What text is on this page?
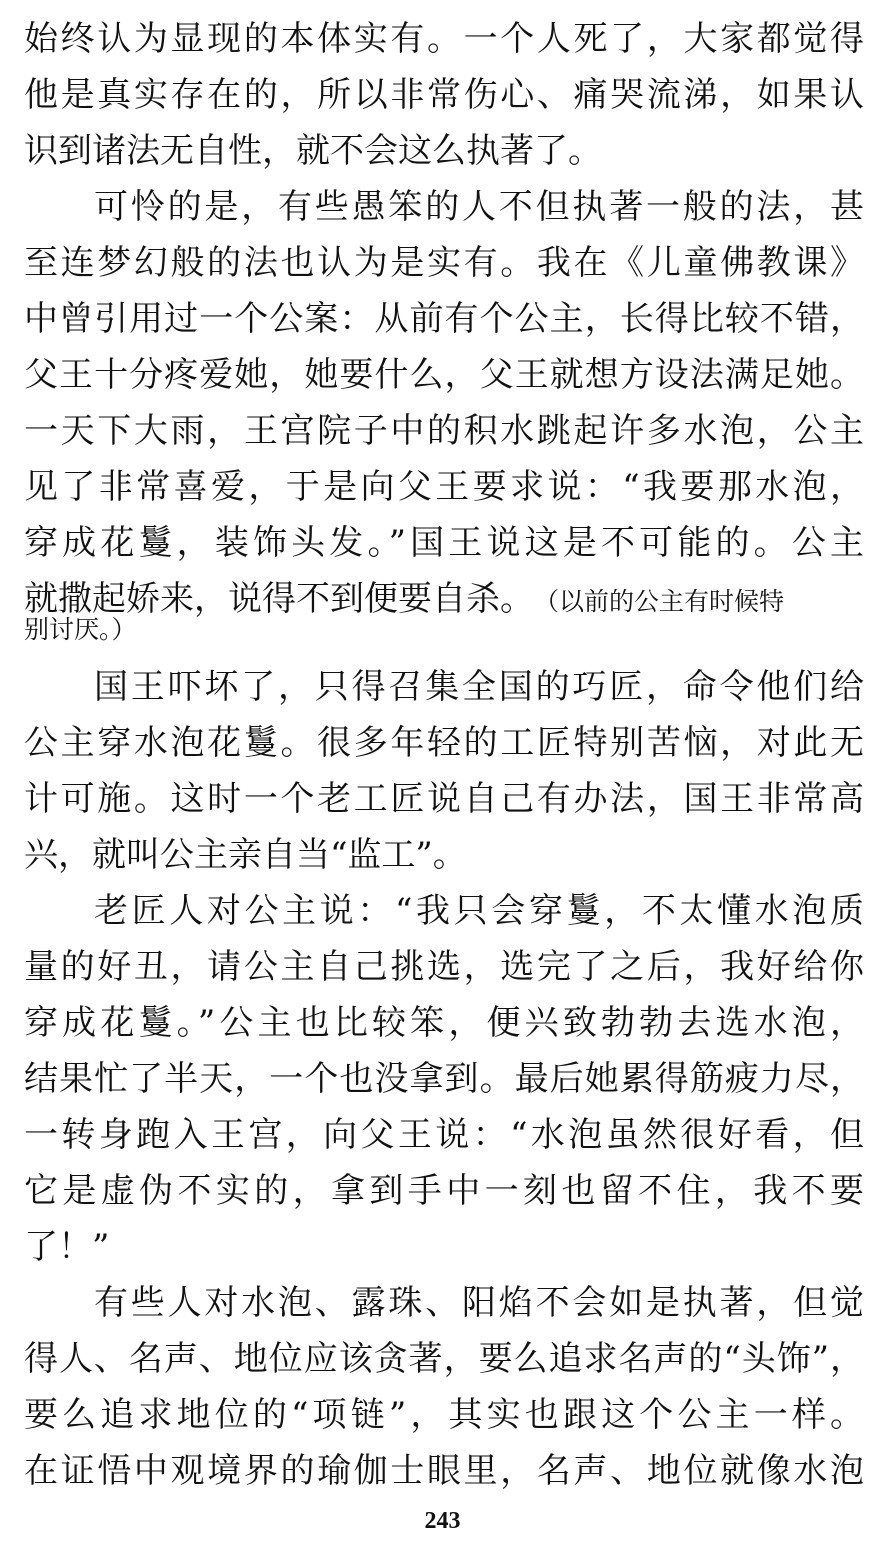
始终认为显现的本体实有。一个人死了，大家都觉得
他是真实存在的，所以非常伤心、痛哭流涕，如果认
识到诸法无自性，就不会这么执著了。
可怜的是，有些愚笨的人不但执著一般的法，甚
至连梦幻般的法也认为是实有。我在《儿童佛教课》
中曾引用过一个公案：从前有个公主，长得比较不错，
父王十分疼爱她，她要什么，父王就想方设法满足她。
一天下大雨，王宫院子中的积水跳起许多水泡，公主
见了非常喜爱，于是向父王要求说：“我要那水泡，
穿成花鬘，装饰头发。”国王说这是不可能的。公主
就撒起娇来，说得不到便要自杀。 （以前的公主有时候特
别讨厌。）
国王吓坏了，只得召集全国的巧匠，命令他们给
公主穿水泡花鬘。很多年轻的工匠特别苦恼，对此无
计可施。这时一个老工匠说自己有办法，国王非常高
兴，就叫公主亲自当“监工”。
老匠人对公主说：“我只会穿鬘，不太懂水泡质
量的好丑，请公主自己挑选，选完了之后，我好给你
穿成花鬘。”公主也比较笨，便兴致勃勃去选水泡，
结果忙了半天，一个也没拿到。最后她累得筋疲力尽，
一转身跑入王宫，向父王说：“水泡虽然很好看，但
它是虚伪不实的，拿到手中一刻也留不住，我不要
了！”
有些人对水泡、露珠、阳焰不会如是执著，但觉
得人、名声、地位应该贪著，要么追求名声的“头饰”，
要么追求地位的“项链”，其实也跟这个公主一样。
在证悟中观境界的瑜伽士眼里，名声、地位就像水泡
243
